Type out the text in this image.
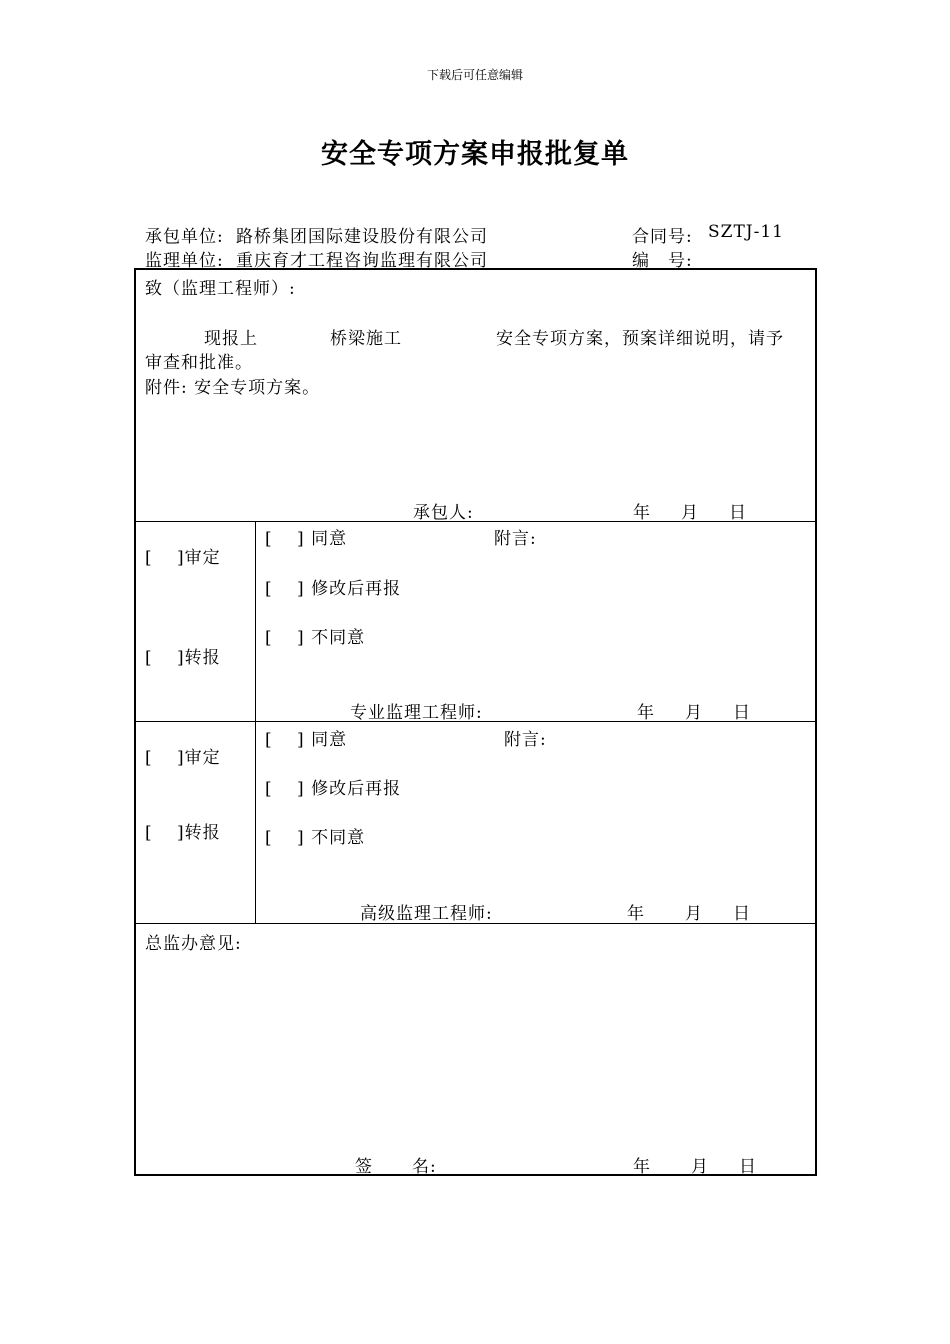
下载后可任意编辑
安全专项方案申报批复单
承包单位: 路桥集团国际建设股份有限公司	合同号: SZTJ-11
监理单位: 重庆育才工程咨询监理有限公司	编　号:
致（监理工程师）:
现报上	桥梁施工	安全专项方案，预案详细说明，请予
审查和批准。
附件: 安全专项方案。
承包人:	年 月 日
[　 ]审定
[　 ]转报
[　 ] 同意	附言:
[　 ] 修改后再报
[　 ] 不同意
专业监理工程师:	年 月 日
[　 ]审定
[　 ]转报
[　 ] 同意	附言:
[　 ] 修改后再报
[　 ] 不同意
高级监理工程师:	年 月 日
总监办意见:
签 名:	年 月 日
